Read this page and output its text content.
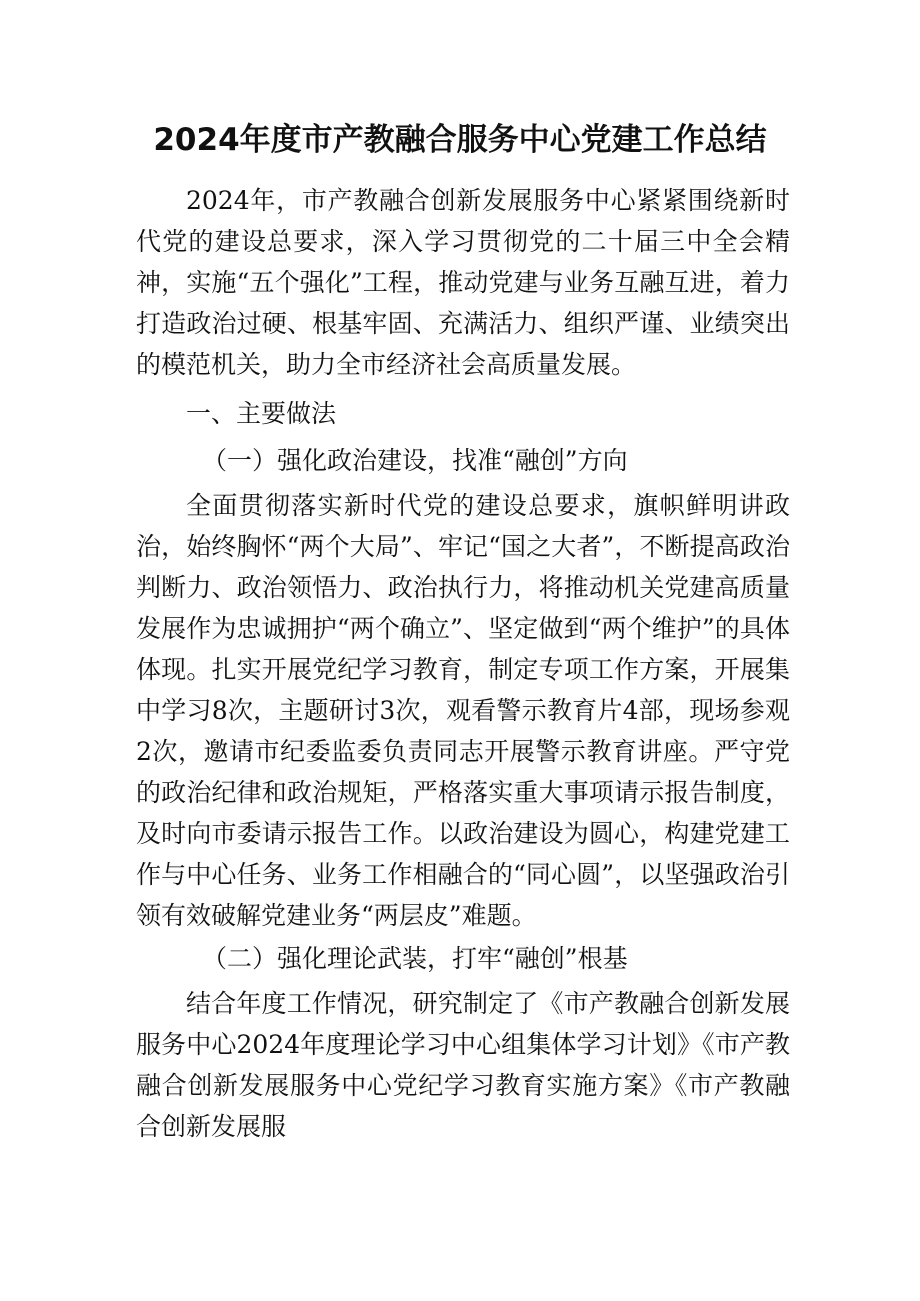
2024年度市产教融合服务中心党建工作总结

2024年，市产教融合创新发展服务中心紧紧围绕新时代党的建设总要求，深入学习贯彻党的二十届三中全会精神，实施“五个强化”工程，推动党建与业务互融互进，着力打造政治过硬、根基牢固、充满活力、组织严谨、业绩突出的模范机关，助力全市经济社会高质量发展。

一、主要做法

（一）强化政治建设，找准“融创”方向

全面贯彻落实新时代党的建设总要求，旗帜鲜明讲政治，始终胸怀“两个大局”、牢记“国之大者”，不断提高政治判断力、政治领悟力、政治执行力，将推动机关党建高质量发展作为忠诚拥护“两个确立”、坚定做到“两个维护”的具体体现。扎实开展党纪学习教育，制定专项工作方案，开展集中学习8次，主题研讨3次，观看警示教育片4部，现场参观2次，邀请市纪委监委负责同志开展警示教育讲座。严守党的政治纪律和政治规矩，严格落实重大事项请示报告制度，及时向市委请示报告工作。以政治建设为圆心，构建党建工作与中心任务、业务工作相融合的“同心圆”，以坚强政治引领有效破解党建业务“两层皮”难题。

（二）强化理论武装，打牢“融创”根基

结合年度工作情况，研究制定了《市产教融合创新发展服务中心2024年度理论学习中心组集体学习计划》《市产教融合创新发展服务中心党纪学习教育实施方案》《市产教融合创新发展服
